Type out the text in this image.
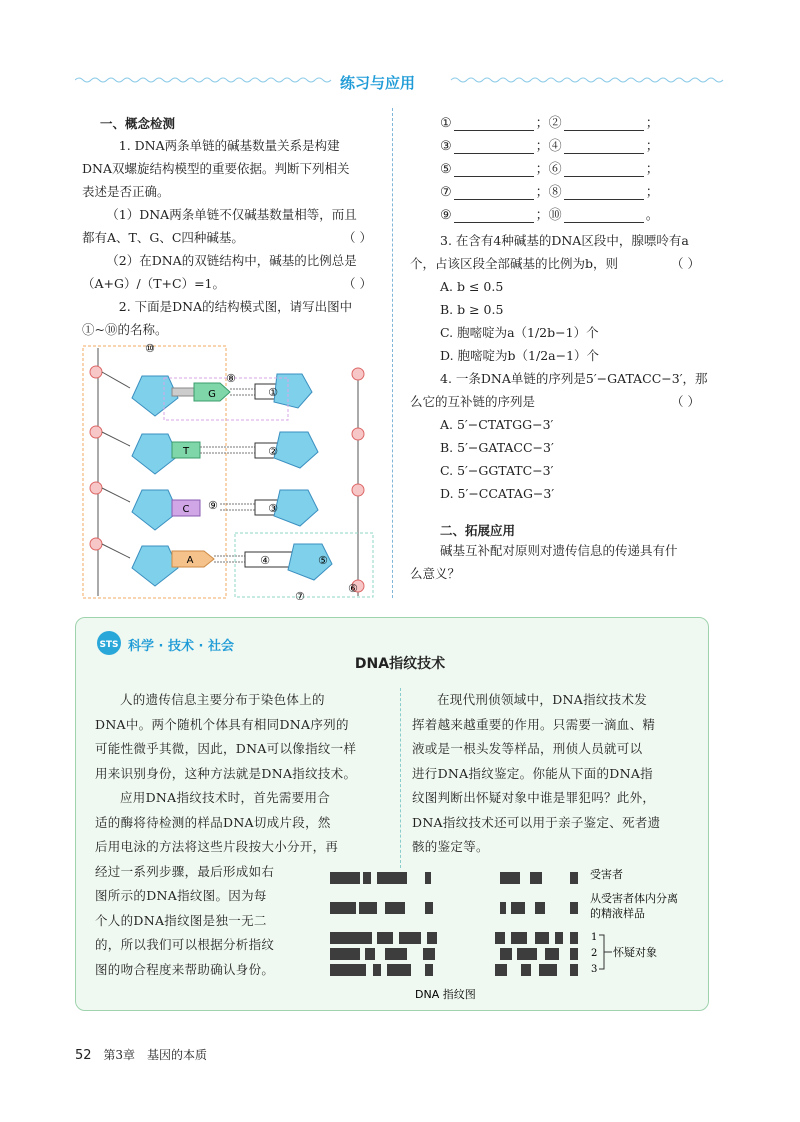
练习与应用
一、概念检测
1. DNA两条单链的碱基数量关系是构建
DNA双螺旋结构模型的重要依据。判断下列相关
表述是否正确。
（1）DNA两条单链不仅碱基数量相等，而且
都有A、T、G、C四种碱基。	（ ）
（2）在DNA的双链结构中，碱基的比例总是
（A+G）/（T+C）=1。	（ ）
2. 下面是DNA的结构模式图，请写出图中
①~⑩的名称。
G
T
C
A
⑩
⑧
①
②
③
⑨
④	⑤
⑥
⑦
①	；②	；
③	；④	；
⑤	；⑥	；
⑦	；⑧	；
⑨	；⑩	。
3. 在含有4种碱基的DNA区段中，腺嘌呤有a
个，占该区段全部碱基的比例为b，则	（ ）
A. b ≤ 0.5
B. b ≥ 0.5
C. 胞嘧啶为a（1/2b−1）个
D. 胞嘧啶为b（1/2a−1）个
4. 一条DNA单链的序列是5′−GATACC−3′，那
么它的互补链的序列是	（ ）
A. 5′−CTATGG−3′
B. 5′−GATACC−3′
C. 5′−GGTATC−3′
D. 5′−CCATAG−3′
二、拓展应用
碱基互补配对原则对遗传信息的传递具有什
么意义？
STS 科学 · 技术 · 社会
DNA指纹技术
人的遗传信息主要分布于染色体上的
DNA中。两个随机个体具有相同DNA序列的
可能性微乎其微，因此，DNA可以像指纹一样
用来识别身份，这种方法就是DNA指纹技术。
应用DNA指纹技术时，首先需要用合
适的酶将待检测的样品DNA切成片段，然
后用电泳的方法将这些片段按大小分开，再
经过一系列步骤，最后形成如右
图所示的DNA指纹图。因为每
个人的DNA指纹图是独一无二
的，所以我们可以根据分析指纹
图的吻合程度来帮助确认身份。
在现代刑侦领域中，DNA指纹技术发
挥着越来越重要的作用。只需要一滴血、精
液或是一根头发等样品，刑侦人员就可以
进行DNA指纹鉴定。你能从下面的DNA指
纹图判断出怀疑对象中谁是罪犯吗？此外，
DNA指纹技术还可以用于亲子鉴定、死者遗
骸的鉴定等。
受害者
从受害者体内分离
的精液样品
1
2
3
怀疑对象
DNA 指纹图
52 第3章　基因的本质
